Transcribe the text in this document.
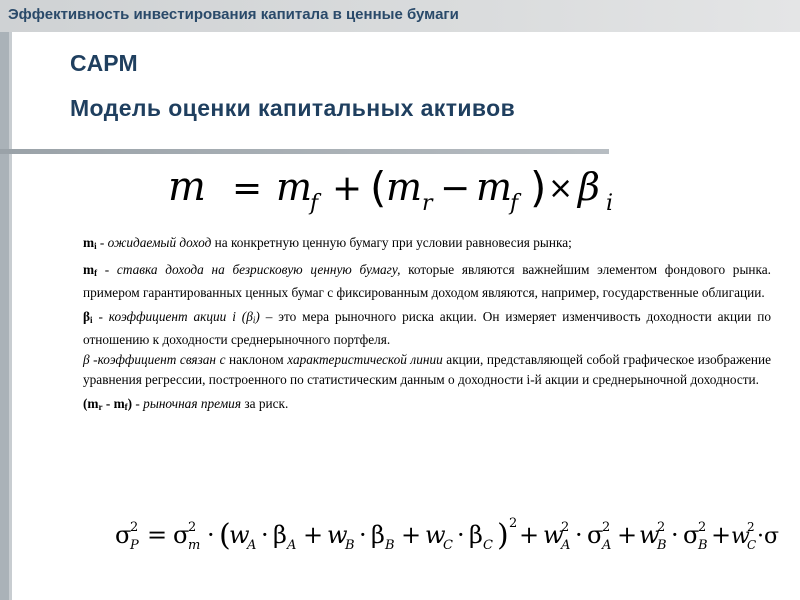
Эффективность инвестирования капитала в ценные бумаги
CAPM
Модель оценки капитальных активов
m = m
f + ( m r − m
f ) × β i

$m_i$ - ожидаемый доход на конкретную ценную бумагу при условии равновесия рынка;

$m_f$ - ставка дохода на безрисковую ценную бумагу, которые являются важнейшим элементом фондового рынка. примером гарантированных ценных бумаг с фиксированным доходом являются, например, государственные облигации.

$\beta_i$ - коэффициент акции i $(\beta_i)$ – это мера рыночного риска акции. Он измеряет изменчивость доходности акции по отношению к доходности среднерыночного портфеля.
β -коэффициент связан с наклоном характеристической линии акции, представляющей собой графическое изображение уравнения регрессии, построенного по статистическим данным о доходности i-й акции и среднерыночной доходности.

$(m_r - m_f)$ - рыночная премия за риск.

σ
2
P = σ
2
m · (
w
A · β A + w
B · β B + w
C · β C ) 2 + w
2
A · σ
2
A + w
2
B · σ
2
B + w
2
C ·σ
